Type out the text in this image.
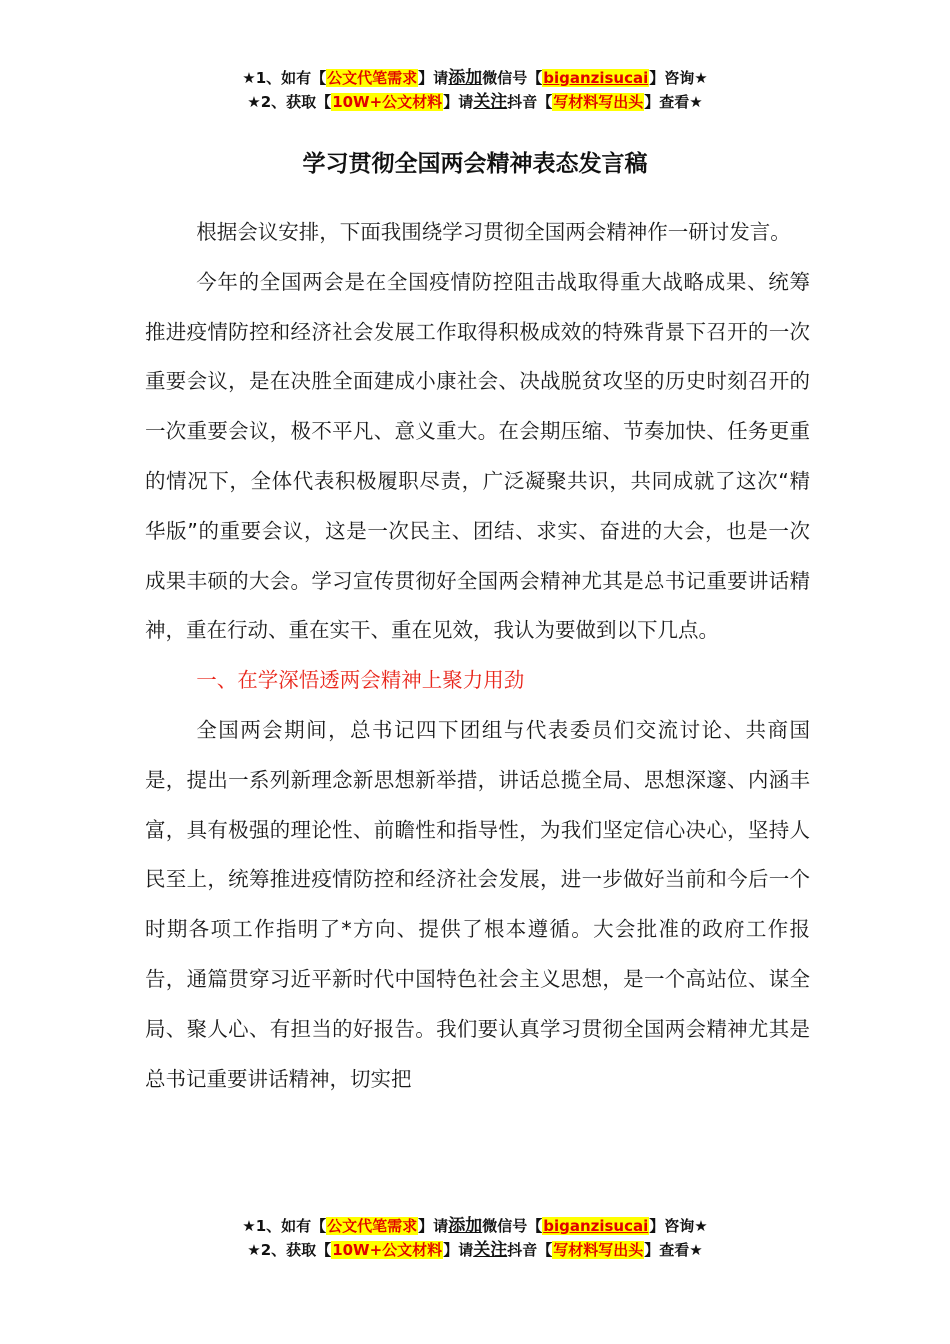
★1、如有【公文代笔需求】请添加微信号【biganzisucai】咨询★
★2、获取【10W+公文材料】请关注抖音【写材料写出头】查看★
学习贯彻全国两会精神表态发言稿

根据会议安排，下面我围绕学习贯彻全国两会精神作一研讨发言。

今年的全国两会是在全国疫情防控阻击战取得重大战略成果、统筹推进疫情防控和经济社会发展工作取得积极成效的特殊背景下召开的一次重要会议，是在决胜全面建成小康社会、决战脱贫攻坚的历史时刻召开的一次重要会议，极不平凡、意义重大。在会期压缩、节奏加快、任务更重的情况下，全体代表积极履职尽责，广泛凝聚共识，共同成就了这次“精华版”的重要会议，这是一次民主、团结、求实、奋进的大会，也是一次成果丰硕的大会。学习宣传贯彻好全国两会精神尤其是总书记重要讲话精神，重在行动、重在实干、重在见效，我认为要做到以下几点。

一、在学深悟透两会精神上聚力用劲

全国两会期间，总书记四下团组与代表委员们交流讨论、共商国是，提出一系列新理念新思想新举措，讲话总揽全局、思想深邃、内涵丰富，具有极强的理论性、前瞻性和指导性，为我们坚定信心决心，坚持人民至上，统筹推进疫情防控和经济社会发展，进一步做好当前和今后一个时期各项工作指明了*方向、提供了根本遵循。大会批准的政府工作报告，通篇贯穿习近平新时代中国特色社会主义思想，是一个高站位、谋全局、聚人心、有担当的好报告。我们要认真学习贯彻全国两会精神尤其是总书记重要讲话精神，切实把

★1、如有【公文代笔需求】请添加微信号【biganzisucai】咨询★
★2、获取【10W+公文材料】请关注抖音【写材料写出头】查看★
